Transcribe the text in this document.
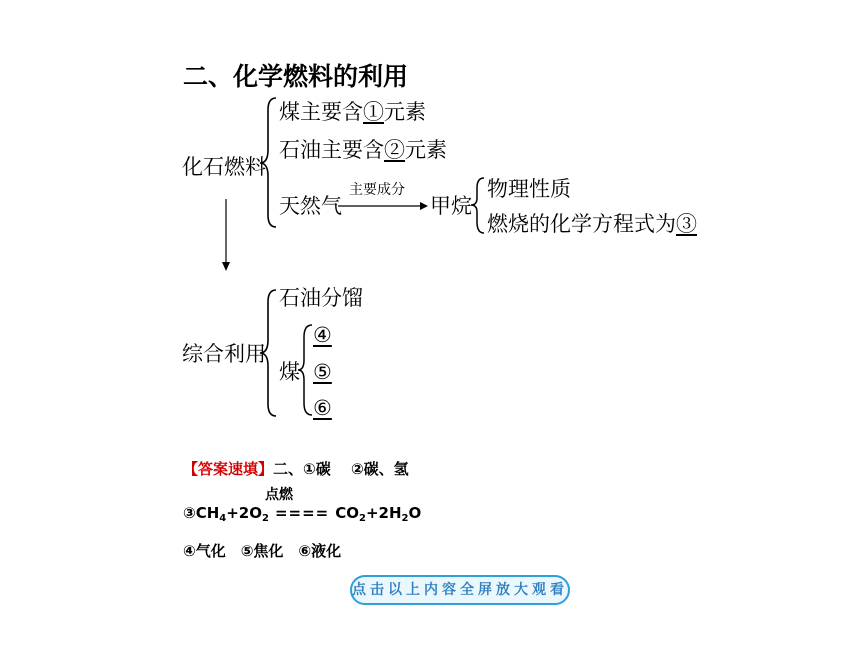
二、化学燃料的利用
化石燃料
煤主要含①元素
石油主要含②元素
天然气
主要成分
甲烷
物理性质
燃烧的化学方程式为③
综合利用
石油分馏
煤
④
⑤
⑥
【答案速填】二、①碳　 ②碳、氢
点燃
$③CH_4+2O_2$ ==== $CO_2+2H_2O$
④气化　⑤焦化　⑥液化
点击以上内容全屏放大观看
